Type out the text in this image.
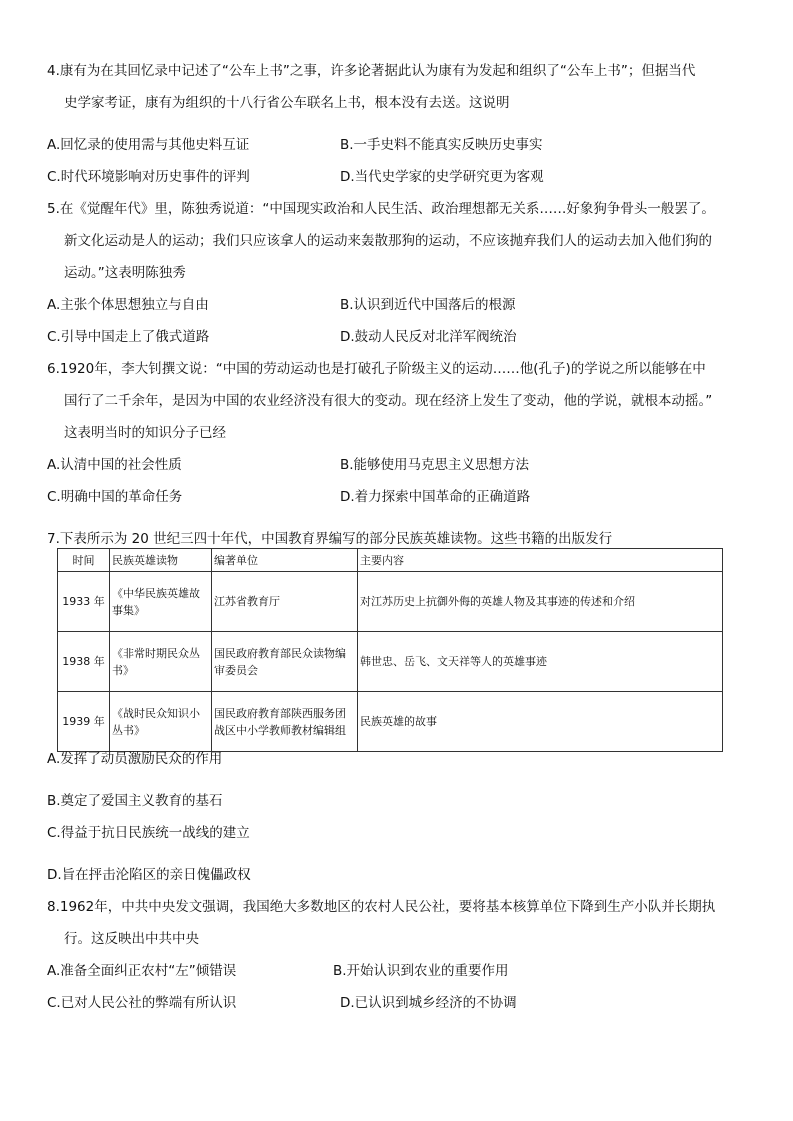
4.康有为在其回忆录中记述了“公车上书”之事，许多论著据此认为康有为发起和组织了“公车上书”；但据当代
史学家考证，康有为组织的十八行省公车联名上书，根本没有去送。这说明
A.回忆录的使用需与其他史料互证	B.一手史料不能真实反映历史事实
C.时代环境影响对历史事件的评判	D.当代史学家的史学研究更为客观
5.在《觉醒年代》里，陈独秀说道：“中国现实政治和人民生活、政治理想都无关系……好象狗争骨头一般罢了。
新文化运动是人的运动；我们只应该拿人的运动来轰散那狗的运动，不应该抛弃我们人的运动去加入他们狗的
运动。”这表明陈独秀
A.主张个体思想独立与自由	B.认识到近代中国落后的根源
C.引导中国走上了俄式道路	D.鼓动人民反对北洋军阀统治
6.1920年，李大钊撰文说：“中国的劳动运动也是打破孔子阶级主义的运动……他(孔子)的学说之所以能够在中
国行了二千余年，是因为中国的农业经济没有很大的变动。现在经济上发生了变动，他的学说，就根本动摇。”
这表明当时的知识分子已经
A.认清中国的社会性质	B.能够使用马克思主义思想方法
C.明确中国的革命任务	D.着力探索中国革命的正确道路
7.下表所示为 20 世纪三四十年代，中国教育界编写的部分民族英雄读物。这些书籍的出版发行
时间	民族英雄读物	编著单位	主要内容
1933 年	《中华民族英雄故事集》	江苏省教育厅	对江苏历史上抗御外侮的英雄人物及其事迹的传述和介绍
1938 年	《非常时期民众丛书》	国民政府教育部民众读物编审委员会	韩世忠、岳飞、文天祥等人的英雄事迹
1939 年	《战时民众知识小丛书》	国民政府教育部陕西服务团战区中小学教师教材编辑组	民族英雄的故事
A.发挥了动员激励民众的作用
B.奠定了爱国主义教育的基石
C.得益于抗日民族统一战线的建立
D.旨在抨击沦陷区的亲日傀儡政权
8.1962年，中共中央发文强调，我国绝大多数地区的农村人民公社，要将基本核算单位下降到生产小队并长期执
行。这反映出中共中央
A.准备全面纠正农村“左”倾错误	B.开始认识到农业的重要作用
C.已对人民公社的弊端有所认识	D.已认识到城乡经济的不协调
